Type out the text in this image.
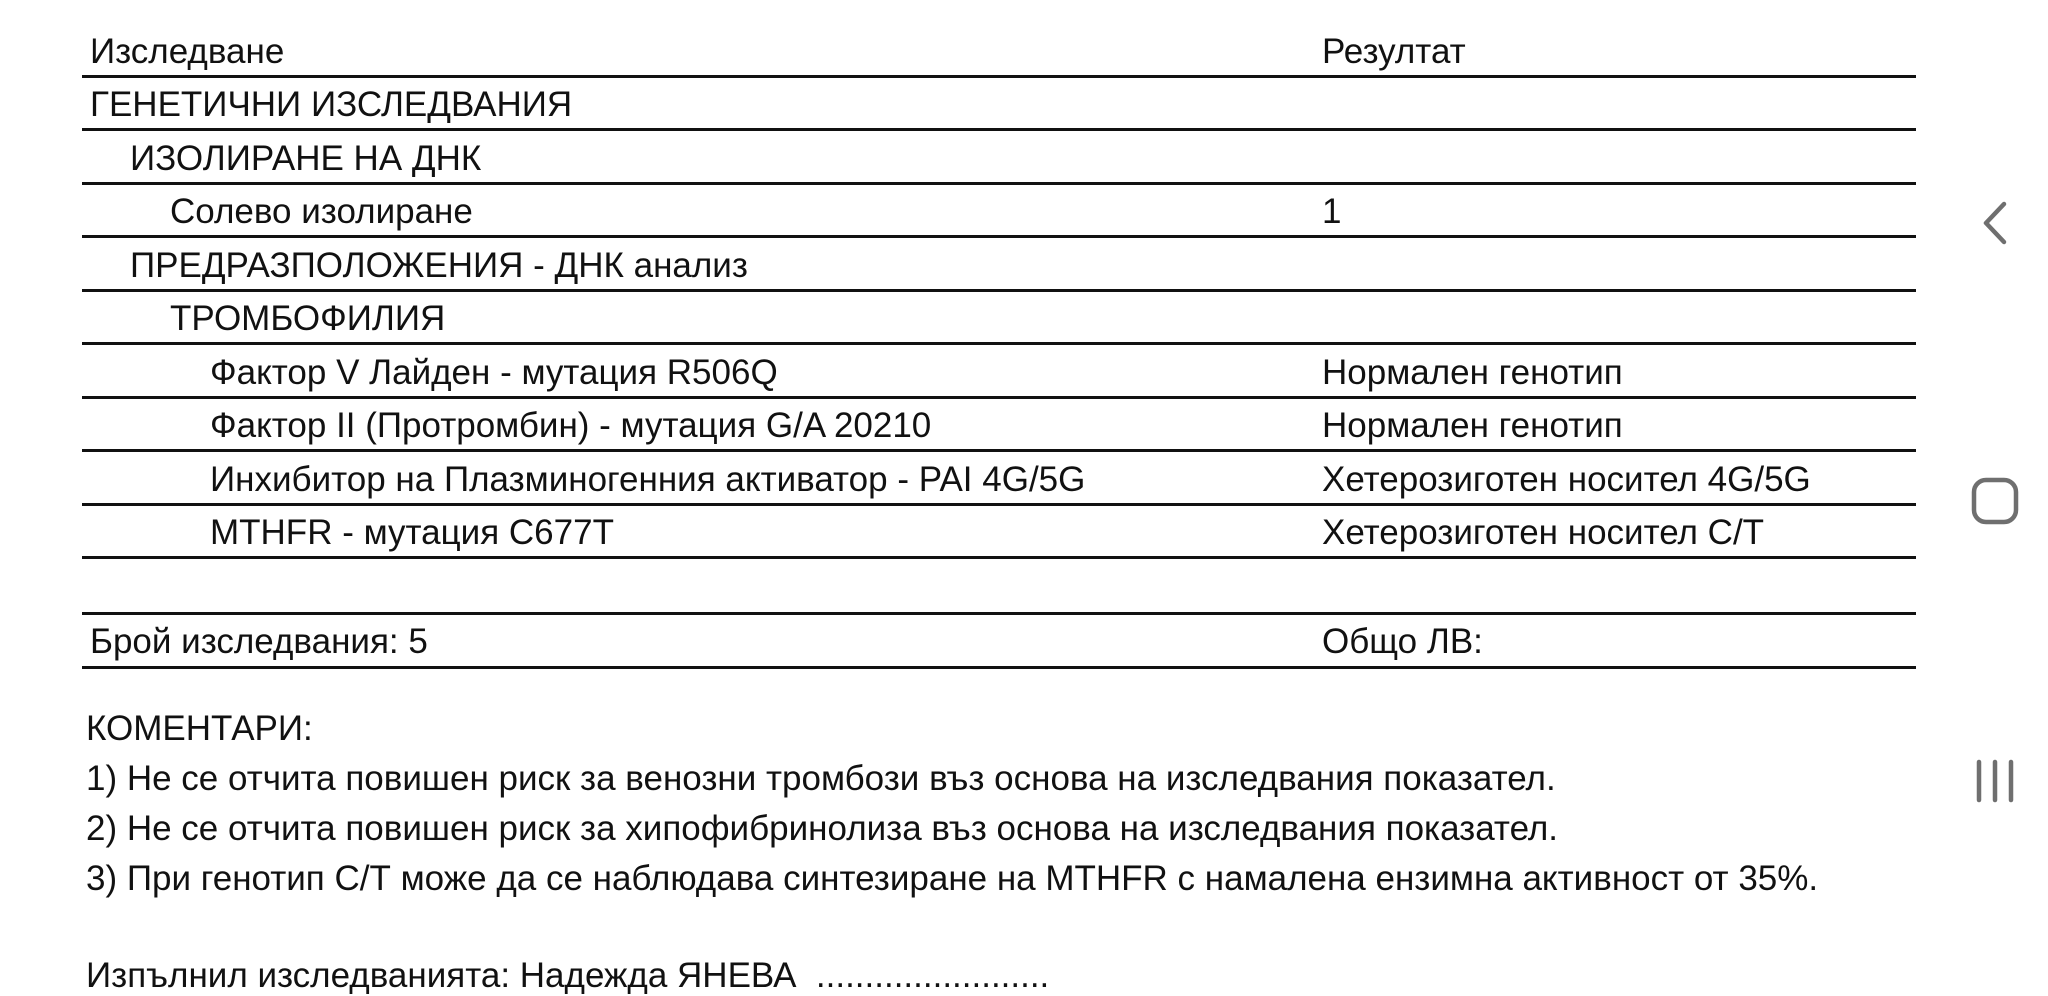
Изследване	Резултат
ГЕНЕТИЧНИ ИЗСЛЕДВАНИЯ
ИЗОЛИРАНЕ НА ДНК
Солево изолиране	1
ПРЕДРАЗПОЛОЖЕНИЯ - ДНК анализ
ТРОМБОФИЛИЯ
Фактор V Лайден - мутация R506Q	Нормален генотип
Фактор II (Протромбин) - мутация G/A 20210	Нормален генотип
Инхибитор на Плазминогенния активатор - PAI 4G/5G	Хетерозиготен носител 4G/5G
MTHFR - мутация C677T	Хетерозиготен носител C/T
Брой изследвания: 5	Общо ЛВ:
КОМЕНТАРИ:
1) Не се отчита повишен риск за венозни тромбози въз основа на изследвания показател.
2) Не се отчита повишен риск за хипофибринолиза въз основа на изследвания показател.
3) При генотип С/Т може да се наблюдава синтезиране на MTHFR с намалена ензимна активност от 35%.
Изпълнил изследванията: Надежда ЯНЕВА  ........................
